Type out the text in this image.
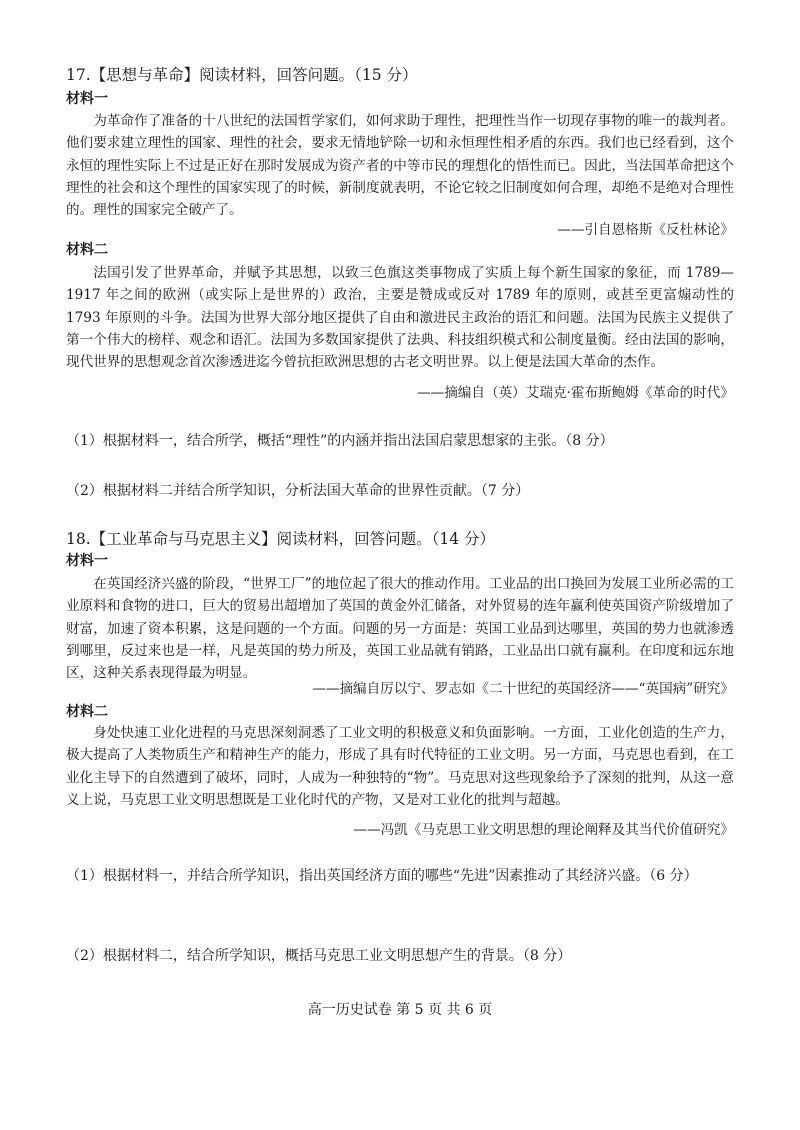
17.【思想与革命】阅读材料，回答问题。（15 分）
材料一

为革命作了准备的十八世纪的法国哲学家们，如何求助于理性，把理性当作一切现存事物的唯一的裁判者。他们要求建立理性的国家、理性的社会，要求无情地铲除一切和永恒理性相矛盾的东西。我们也已经看到，这个永恒的理性实际上不过是正好在那时发展成为资产者的中等市民的理想化的悟性而已。因此，当法国革命把这个理性的社会和这个理性的国家实现了的时候，新制度就表明，不论它较之旧制度如何合理，却绝不是绝对合理性的。理性的国家完全破产了。

——引自恩格斯《反杜林论》
材料二

法国引发了世界革命，并赋予其思想，以致三色旗这类事物成了实质上每个新生国家的象征，而 1789—1917 年之间的欧洲（或实际上是世界的）政治，主要是赞成或反对 1789 年的原则，或甚至更富煽动性的 1793 年原则的斗争。法国为世界大部分地区提供了自由和激进民主政治的语汇和问题。法国为民族主义提供了第一个伟大的榜样、观念和语汇。法国为多数国家提供了法典、科技组织模式和公制度量衡。经由法国的影响，现代世界的思想观念首次渗透进迄今曾抗拒欧洲思想的古老文明世界。以上便是法国大革命的杰作。

——摘编自（英）艾瑞克·霍布斯鲍姆《革命的时代》
（1）根据材料一，结合所学，概括“理性”的内涵并指出法国启蒙思想家的主张。（8 分）
（2）根据材料二并结合所学知识，分析法国大革命的世界性贡献。（7 分）
18.【工业革命与马克思主义】阅读材料，回答问题。（14 分）
材料一

在英国经济兴盛的阶段，“世界工厂”的地位起了很大的推动作用。工业品的出口换回为发展工业所必需的工业原料和食物的进口，巨大的贸易出超增加了英国的黄金外汇储备，对外贸易的连年赢利使英国资产阶级增加了财富，加速了资本积累，这是问题的一个方面。问题的另一方面是：英国工业品到达哪里，英国的势力也就渗透到哪里，反过来也是一样，凡是英国的势力所及，英国工业品就有销路，工业品出口就有赢利。在印度和远东地区，这种关系表现得最为明显。

——摘编自厉以宁、罗志如《二十世纪的英国经济——“英国病”研究》
材料二

身处快速工业化进程的马克思深刻洞悉了工业文明的积极意义和负面影响。一方面，工业化创造的生产力，极大提高了人类物质生产和精神生产的能力，形成了具有时代特征的工业文明。另一方面，马克思也看到，在工业化主导下的自然遭到了破坏，同时，人成为一种独特的“物”。马克思对这些现象给予了深刻的批判，从这一意义上说，马克思工业文明思想既是工业化时代的产物，又是对工业化的批判与超越。

——冯凯《马克思工业文明思想的理论阐释及其当代价值研究》
（1）根据材料一，并结合所学知识，指出英国经济方面的哪些“先进”因素推动了其经济兴盛。（6 分）
（2）根据材料二，结合所学知识，概括马克思工业文明思想产生的背景。（8 分）
高一历史试卷 第 5 页 共 6 页
